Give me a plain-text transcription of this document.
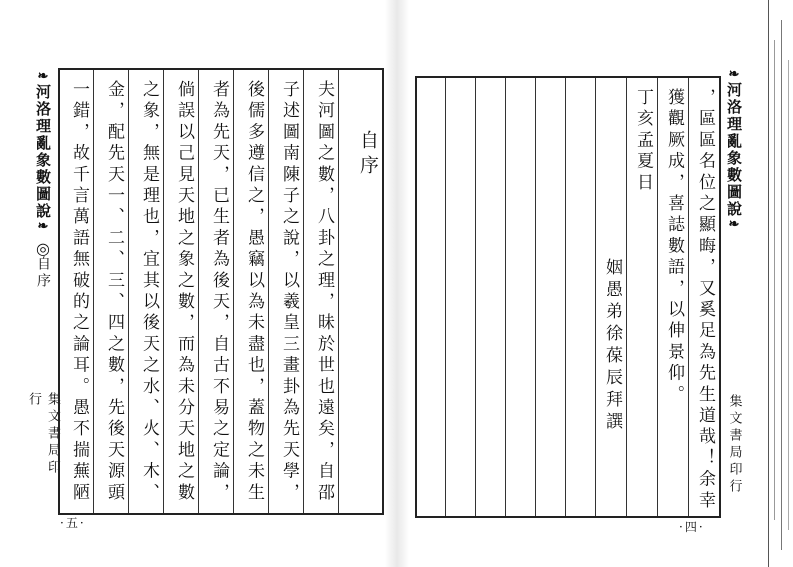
❧
河洛理亂象數圖說
❧
◎
自序
集文書局印行
自序
夫河圖之數，八卦之理，昧於世也遠矣，自邵
子述圖南陳子之說，以羲皇三畫卦為先天學，
後儒多遵信之，愚竊以為未盡也，蓋物之未生
者為先天，已生者為後天，自古不易之定論，
倘誤以己見天地之象之數，而為未分天地之數
之象，無是理也，宜其以後天之水、火、木、
金，配先天一、二、三、四之數，先後天源頭
一錯，故千言萬語無破的之論耳。愚不揣蕪陋
·五·
，區區名位之顯晦，又奚足為先生道哉！余幸
獲觀厥成，喜誌數語，以伸景仰。
丁亥孟夏日
姻愚弟徐葆辰拜譔
❧
河洛理亂象數圖說
❧
集文書局印行
·四·
